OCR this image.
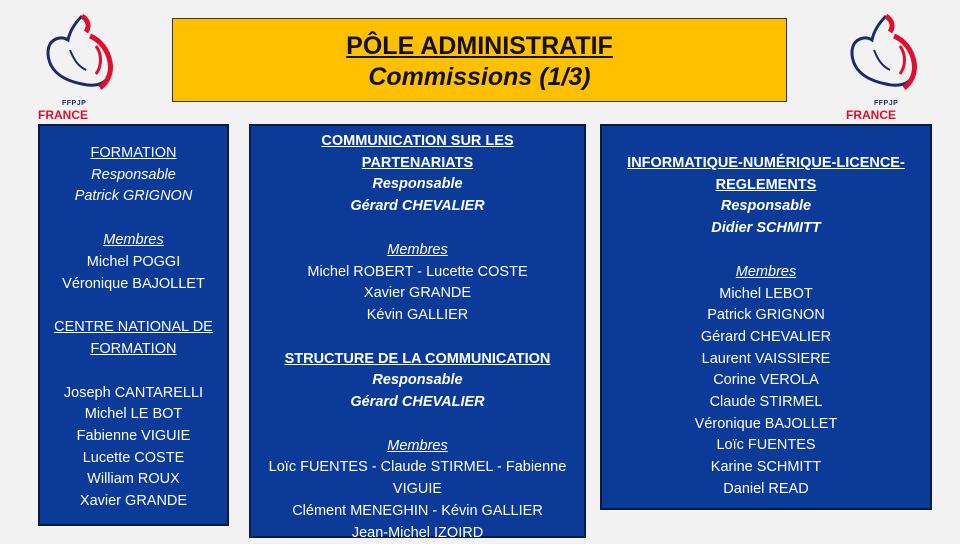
FFPJP
FRANCE
FFPJP
FRANCE
PÔLE ADMINISTRATIF
Commissions (1/3)
FORMATION
Responsable
Patrick GRIGNON
Membres
Michel POGGI
Véronique BAJOLLET
CENTRE NATIONAL DE
FORMATION
Joseph CANTARELLI
Michel LE BOT
Fabienne VIGUIE
Lucette COSTE
William ROUX
Xavier GRANDE
COMMUNICATION SUR LES
PARTENARIATS
Responsable
Gérard CHEVALIER
Membres
Michel ROBERT - Lucette COSTE
Xavier GRANDE
Kévin GALLIER
STRUCTURE DE LA COMMUNICATION
Responsable
Gérard CHEVALIER
Membres
Loïc FUENTES - Claude STIRMEL - Fabienne
VIGUIE
Clément MENEGHIN - Kévin GALLIER
Jean-Michel IZOIRD
INFORMATIQUE-NUMÉRIQUE-LICENCE-
REGLEMENTS
Responsable
Didier SCHMITT
Membres
Michel LEBOT
Patrick GRIGNON
Gérard CHEVALIER
Laurent VAISSIERE
Corine VEROLA
Claude STIRMEL
Véronique BAJOLLET
Loïc FUENTES
Karine SCHMITT
Daniel READ
